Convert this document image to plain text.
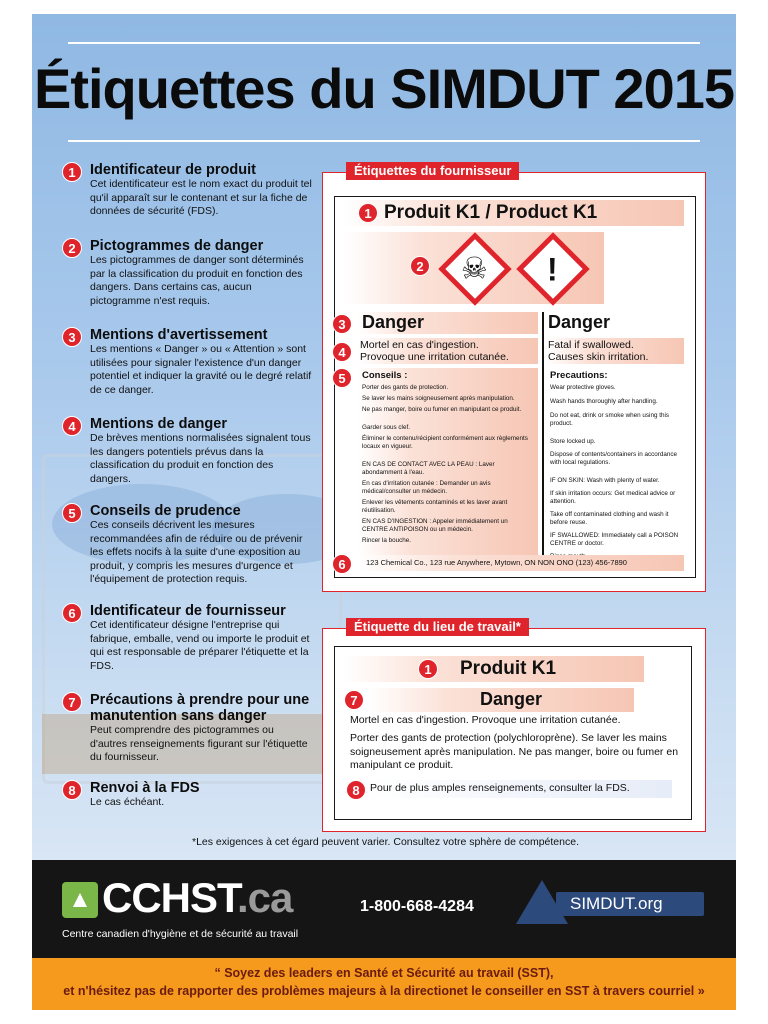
Étiquettes du SIMDUT 2015
1 Identificateur de produit

Cet identificateur est le nom exact du produit tel qu'il apparaît sur le contenant et sur la fiche de données de sécurité (FDS).

2 Pictogrammes de danger

Les pictogrammes de danger sont déterminés par la classification du produit en fonction des dangers. Dans certains cas, aucun pictogramme n'est requis.

3 Mentions d'avertissement

Les mentions « Danger » ou « Attention » sont utilisées pour signaler l'existence d'un danger potentiel et indiquer la gravité ou le degré relatif de ce danger.

4 Mentions de danger

De brèves mentions normalisées signalent tous les dangers potentiels prévus dans la classification du produit en fonction des dangers.

5 Conseils de prudence

Ces conseils décrivent les mesures recommandées afin de réduire ou de prévenir les effets nocifs à la suite d'une exposition au produit, y compris les mesures d'urgence et l'équipement de protection requis.

6 Identificateur de fournisseur

Cet identificateur désigne l'entreprise qui fabrique, emballe, vend ou importe le produit et qui est responsable de préparer l'étiquette et la FDS.

7 Précautions à prendre pour une manutention sans danger

Peut comprendre des pictogrammes ou d'autres renseignements figurant sur l'étiquette du fournisseur.

8 Renvoi à la FDS

Le cas échéant.

Étiquettes du fournisseur
1 Produit K1 / Product K1
2 ☠	!
3 Danger	Danger
4	Mortel en cas d'ingestion.
Provoque une irritation cutanée.
Fatal if swallowed.
Causes skin irritation.
5	Conseils :
Porter des gants de protection.
Se laver les mains soigneusement après manipulation.
Ne pas manger, boire ou fumer en manipulant ce produit.
Garder sous clef.
Éliminer le contenu/récipient conformément aux règlements locaux en vigueur.
EN CAS DE CONTACT AVEC LA PEAU : Laver abondamment à l'eau.
En cas d'irritation cutanée : Demander un avis médical/consulter un médecin.
Enlever les vêtements contaminés et les laver avant réutilisation.
EN CAS D'INGESTION : Appeler immédiatement un CENTRE ANTIPOISON ou un médecin.
Rincer la bouche.
Precautions:
Wear protective gloves.
Wash hands thoroughly after handling.
Do not eat, drink or smoke when using this product.
Store locked up.
Dispose of contents/containers in accordance with local regulations.
IF ON SKIN: Wash with plenty of water.
If skin irritation occurs: Get medical advice or attention.
Take off contaminated clothing and wash it before reuse.
IF SWALLOWED: Immediately call a POISON CENTRE or doctor.
6	123 Chemical Co., 123 rue Anywhere, Mytown, ON NON ONO (123) 456-7890
Étiquette du lieu de travail*
1	Produit K1
7	Danger
Mortel en cas d'ingestion. Provoque une irritation cutanée.
Porter des gants de protection (polychloroprène). Se laver les mains soigneusement après manipulation. Ne pas manger, boire ou fumer en manipulant ce produit.
8 Pour de plus amples renseignements, consulter la FDS.
*Les exigences à cet égard peuvent varier. Consultez votre sphère de compétence.
▲ CCHST.ca
Centre canadien d'hygiène et de sécurité au travail
1-800-668-4284	SIMDUT.org

“ Soyez des leaders en Santé et Sécurité au travail (SST),

et n'hésitez pas de rapporter des problèmes majeurs à la directionet le conseiller en SST à travers courriel »
